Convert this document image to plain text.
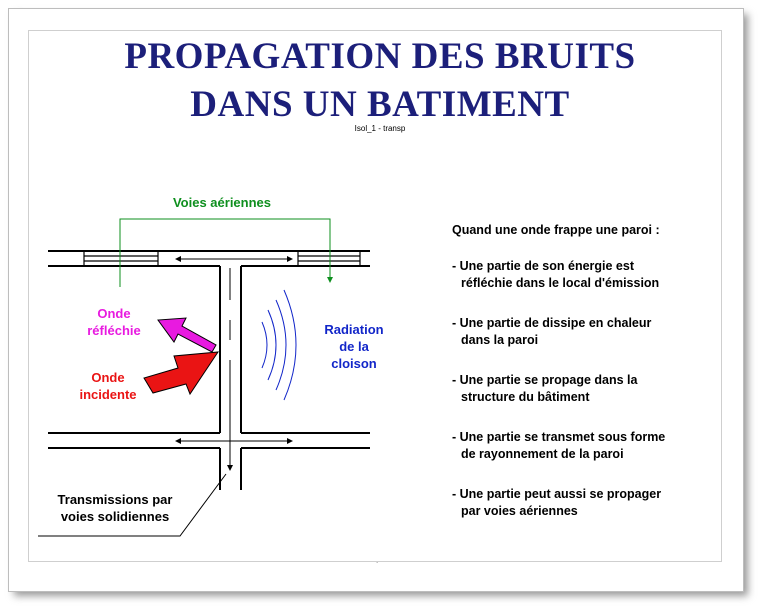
PROPAGATION DES BRUITS
DANS UN BATIMENT
Isol_1 - transp
Voies aériennes
Onde
réfléchie
Onde
incidente
Radiation
de la
cloison
Transmissions par
voies solidiennes
Quand une onde frappe une paroi :
- Une partie de son énergie est
réfléchie dans le local d'émission
- Une partie de dissipe en chaleur
dans la paroi
- Une partie se propage dans la
structure du bâtiment
- Une partie se transmet sous forme
de rayonnement de la paroi
- Une partie peut aussi se propager
par voies aériennes
.
